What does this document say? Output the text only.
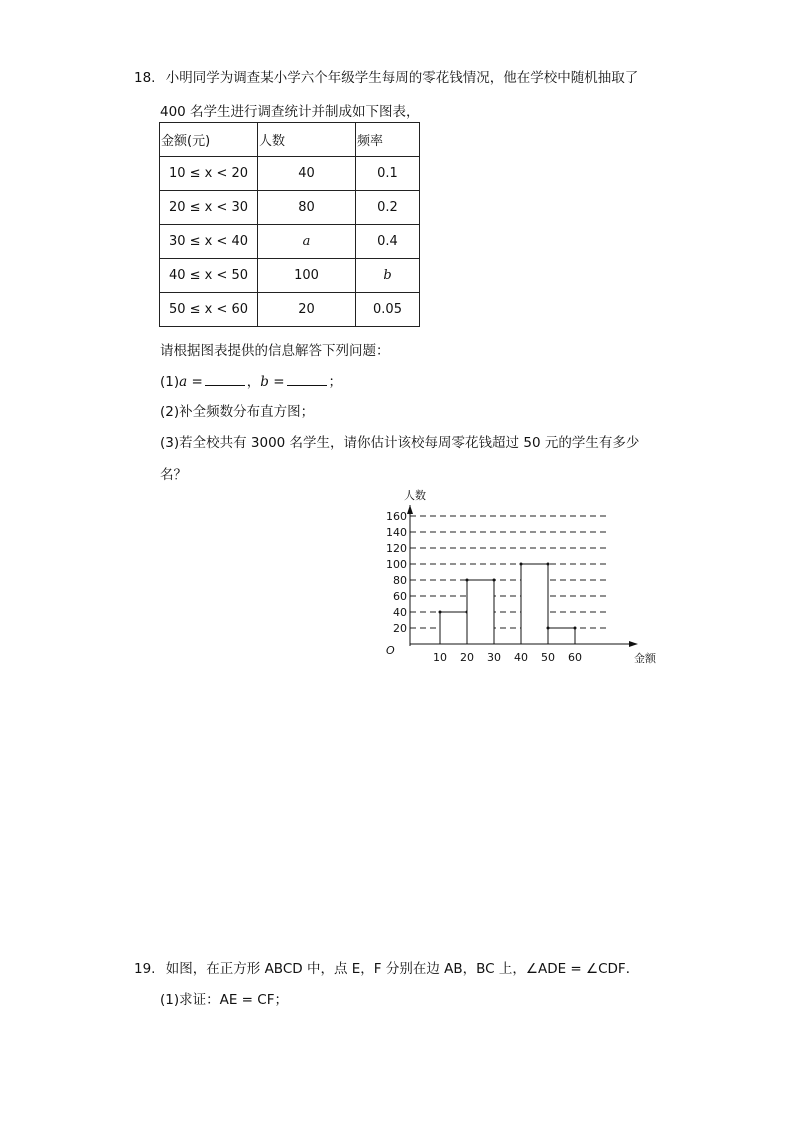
18. 小明同学为调查某小学六个年级学生每周的零花钱情况，他在学校中随机抽取了
400 名学生进行调查统计并制成如下图表，
金额(元)	人数	频率
10 ≤ x < 20	40	0.1
20 ≤ x < 30	80	0.2
30 ≤ x < 40	a	0.4
40 ≤ x < 50	100	b
50 ≤ x < 60	20	0.05
请根据图表提供的信息解答下列问题：
(1)a =	，b =	；
(2)补全频数分布直方图；
(3)若全校共有 3000 名学生，请你估计该校每周零花钱超过 50 元的学生有多少
名？
20
40
60
80
100
120
140
160
10 20 30 40 50 60
人数
金额
O
19. 如图，在正方形 ABCD 中，点 E，F 分别在边 AB，BC 上，∠ADE = ∠CDF．
(1)求证：AE = CF；
